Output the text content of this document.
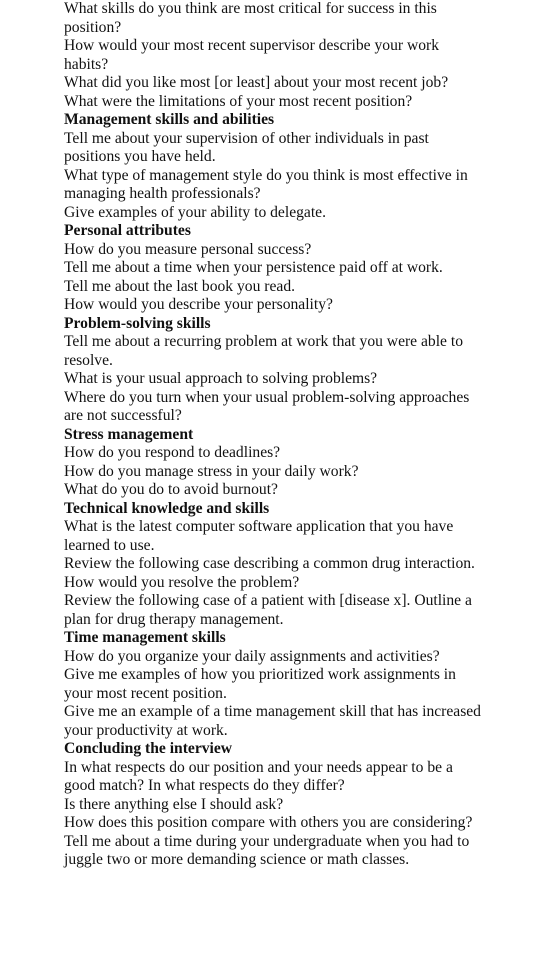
What skills do you think are most critical for success in this position?

How would your most recent supervisor describe your work habits?

What did you like most [or least] about your most recent job?

What were the limitations of your most recent position?

Management skills and abilities

Tell me about your supervision of other individuals in past positions you have held.

What type of management style do you think is most effective in managing health professionals?

Give examples of your ability to delegate.

Personal attributes

How do you measure personal success?

Tell me about a time when your persistence paid off at work.

Tell me about the last book you read.

How would you describe your personality?

Problem-solving skills

Tell me about a recurring problem at work that you were able to resolve.

What is your usual approach to solving problems?

Where do you turn when your usual problem-solving approaches are not successful?

Stress management

How do you respond to deadlines?

How do you manage stress in your daily work?

What do you do to avoid burnout?

Technical knowledge and skills

What is the latest computer software application that you have learned to use.

Review the following case describing a common drug interaction. How would you resolve the problem?

Review the following case of a patient with [disease x]. Outline a plan for drug therapy management.

Time management skills

How do you organize your daily assignments and activities?

Give me examples of how you prioritized work assignments in your most recent position.

Give me an example of a time management skill that has increased your productivity at work.

Concluding the interview

In what respects do our position and your needs appear to be a good match? In what respects do they differ?

Is there anything else I should ask?

How does this position compare with others you are considering?

Tell me about a time during your undergraduate when you had to juggle two or more demanding science or math classes.
